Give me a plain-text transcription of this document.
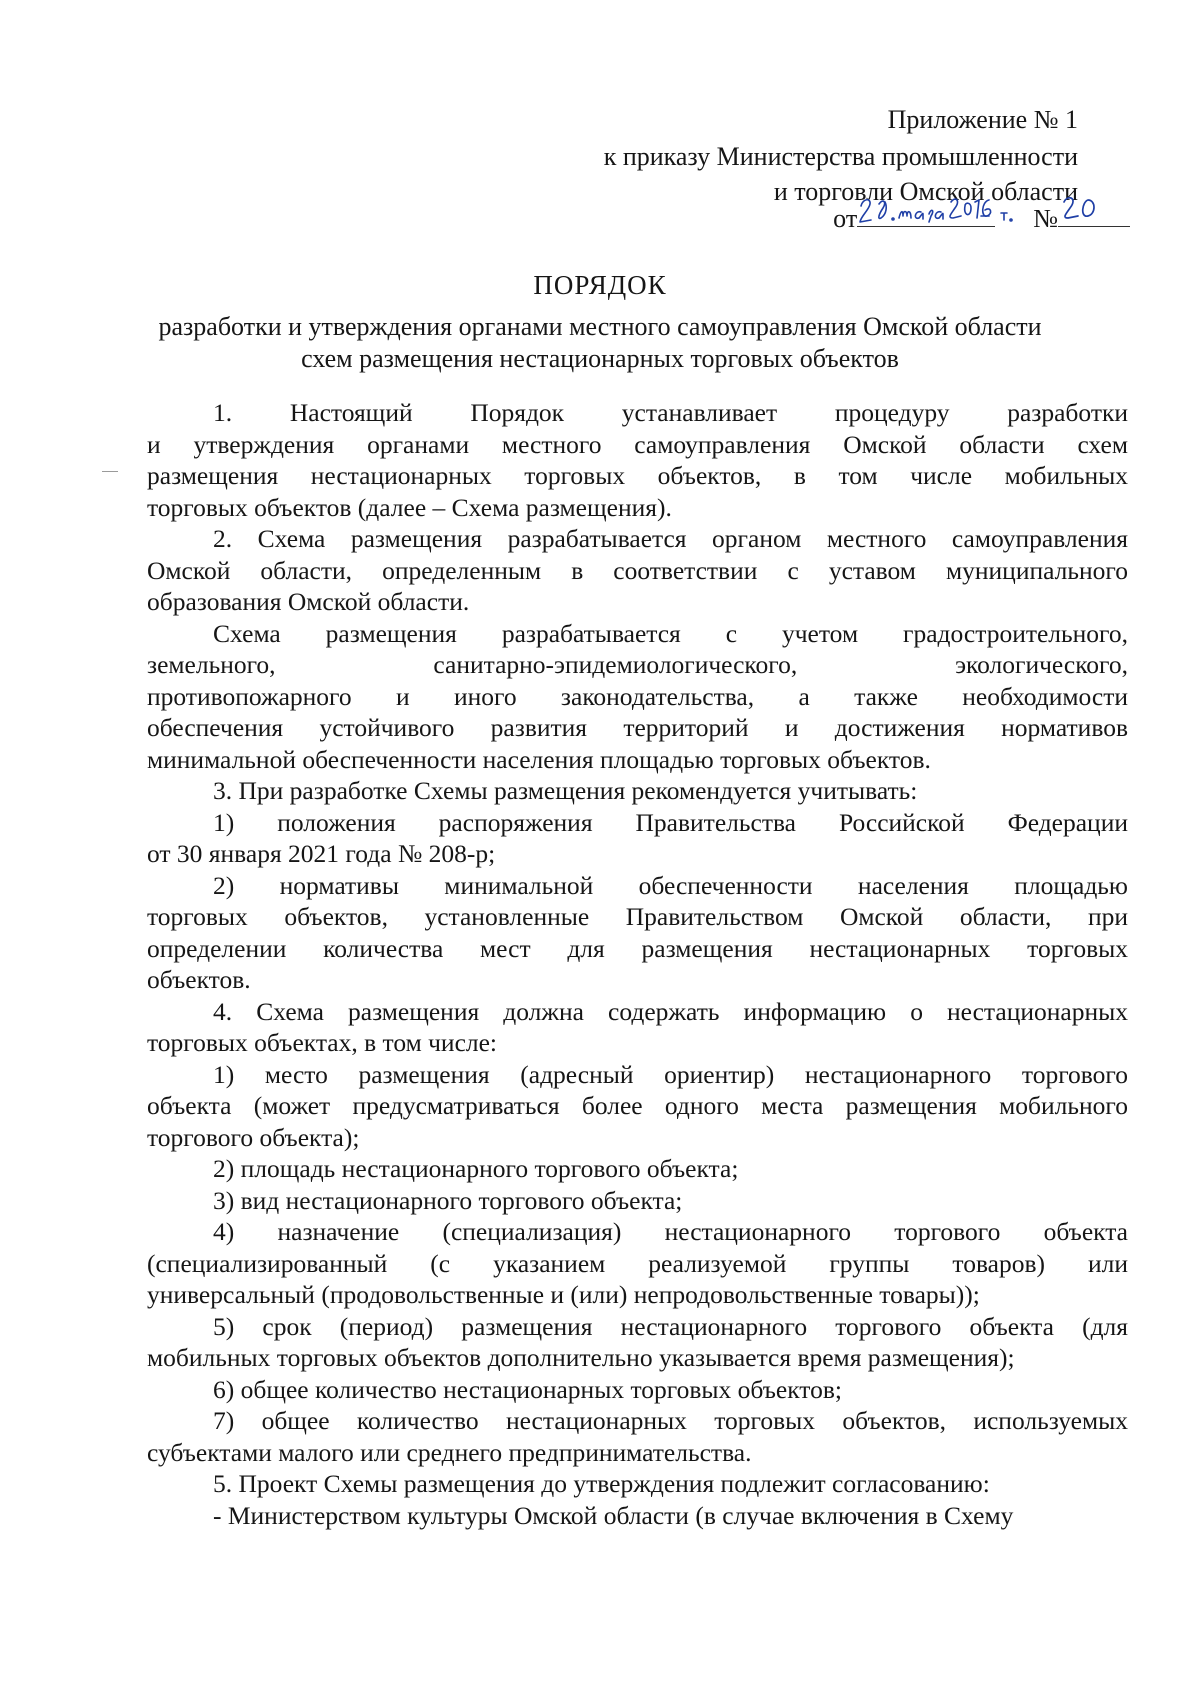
Приложение № 1
к приказу Министерства промышленности
и торговли Омской области
от	№
ПОРЯДОК
разработки и утверждения органами местного самоуправления Омской области
схем размещения нестационарных торговых объектов
1. Настоящий Порядок устанавливает процедуру разработки
и утверждения органами местного самоуправления Омской области схем
размещения нестационарных торговых объектов, в том числе мобильных
торговых объектов (далее – Схема размещения).
2. Схема размещения разрабатывается органом местного самоуправления
Омской области, определенным в соответствии с уставом муниципального
образования Омской области.
Схема размещения разрабатывается с учетом градостроительного,
земельного, санитарно-эпидемиологического, экологического,
противопожарного и иного законодательства, а также необходимости
обеспечения устойчивого развития территорий и достижения нормативов
минимальной обеспеченности населения площадью торговых объектов.
3. При разработке Схемы размещения рекомендуется учитывать:
1) положения распоряжения Правительства Российской Федерации
от 30 января 2021 года № 208-р;
2) нормативы минимальной обеспеченности населения площадью
торговых объектов, установленные Правительством Омской области, при
определении количества мест для размещения нестационарных торговых
объектов.
4. Схема размещения должна содержать информацию о нестационарных
торговых объектах, в том числе:
1) место размещения (адресный ориентир) нестационарного торгового
объекта (может предусматриваться более одного места размещения мобильного
торгового объекта);
2) площадь нестационарного торгового объекта;
3) вид нестационарного торгового объекта;
4) назначение (специализация) нестационарного торгового объекта
(специализированный (с указанием реализуемой группы товаров) или
универсальный (продовольственные и (или) непродовольственные товары));
5) срок (период) размещения нестационарного торгового объекта (для
мобильных торговых объектов дополнительно указывается время размещения);
6) общее количество нестационарных торговых объектов;
7) общее количество нестационарных торговых объектов, используемых
субъектами малого или среднего предпринимательства.
5. Проект Схемы размещения до утверждения подлежит согласованию:
- Министерством культуры Омской области (в случае включения в Схему
